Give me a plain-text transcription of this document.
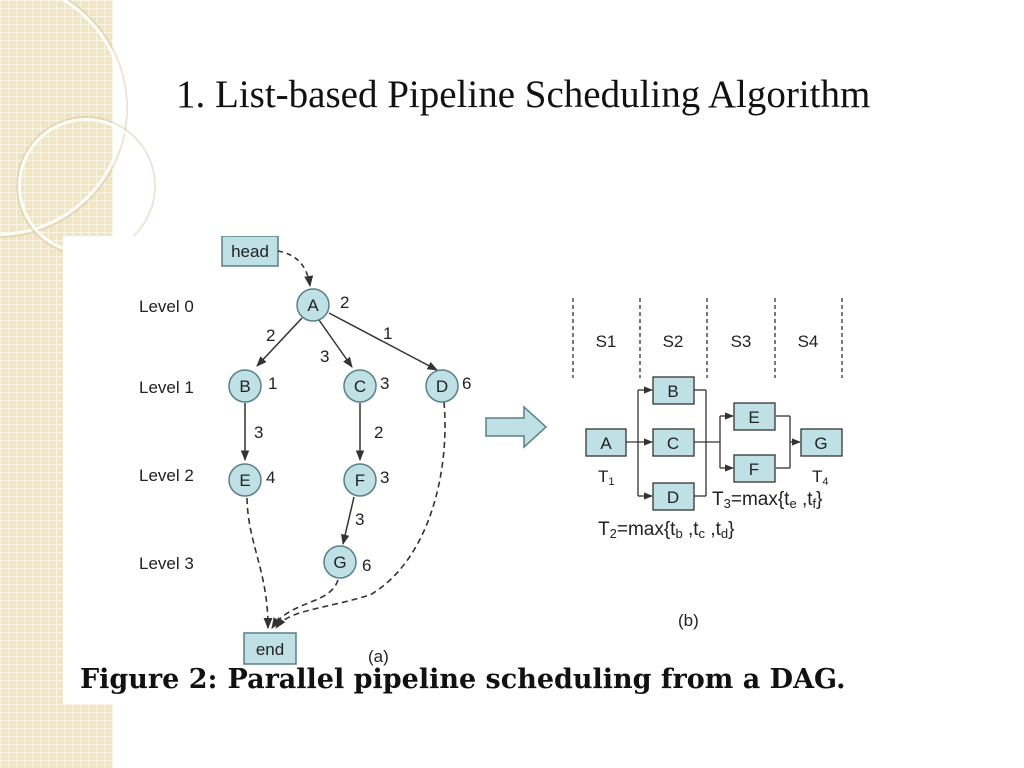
1. List-based Pipeline Scheduling Algorithm
Level 0
Level 1
Level 2
Level 3
head
2
3
1
3	2
3
A 2
B 1	C 3	D 6
E 4	F 3
G 6
end	(a)
S1	S2	S3	S4
A
B
C
D
E
F
G
T1	T4
T3=max{te ,tf}
T2=max{tb ,tc ,td}
(b)
Figure 2: Parallel pipeline scheduling from a DAG.
